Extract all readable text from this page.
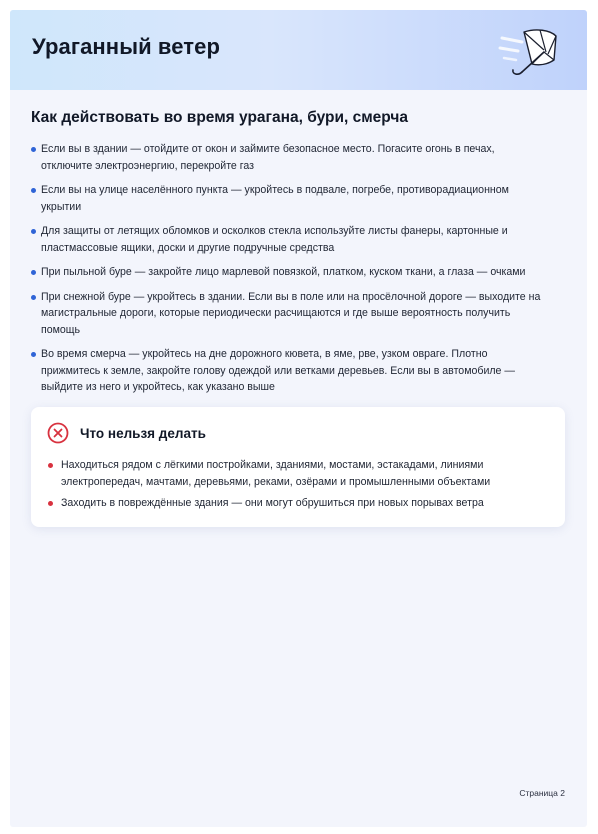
Ураганный ветер
Как действовать во время урагана, бури, смерча
Если вы в здании — отойдите от окон и займите безопасное место. Погасите огонь в печах, отключите электроэнергию, перекройте газ
Если вы на улице населённого пункта — укройтесь в подвале, погребе, противорадиационном укрытии
Для защиты от летящих обломков и осколков стекла используйте листы фанеры, картонные и пластмассовые ящики, доски и другие подручные средства
При пыльной буре — закройте лицо марлевой повязкой, платком, куском ткани, а глаза — очками
При снежной буре — укройтесь в здании. Если вы в поле или на просёлочной дороге — выходите на магистральные дороги, которые периодически расчищаются и где выше вероятность получить помощь
Во время смерча — укройтесь на дне дорожного кювета, в яме, рве, узком овраге. Плотно прижмитесь к земле, закройте голову одеждой или ветками деревьев. Если вы в автомобиле — выйдите из него и укройтесь, как указано выше
Что нельзя делать
Находиться рядом с лёгкими постройками, зданиями, мостами, эстакадами, линиями электропередач, мачтами, деревьями, реками, озёрами и промышленными объектами
Заходить в повреждённые здания — они могут обрушиться при новых порывах ветра
Страница 2
